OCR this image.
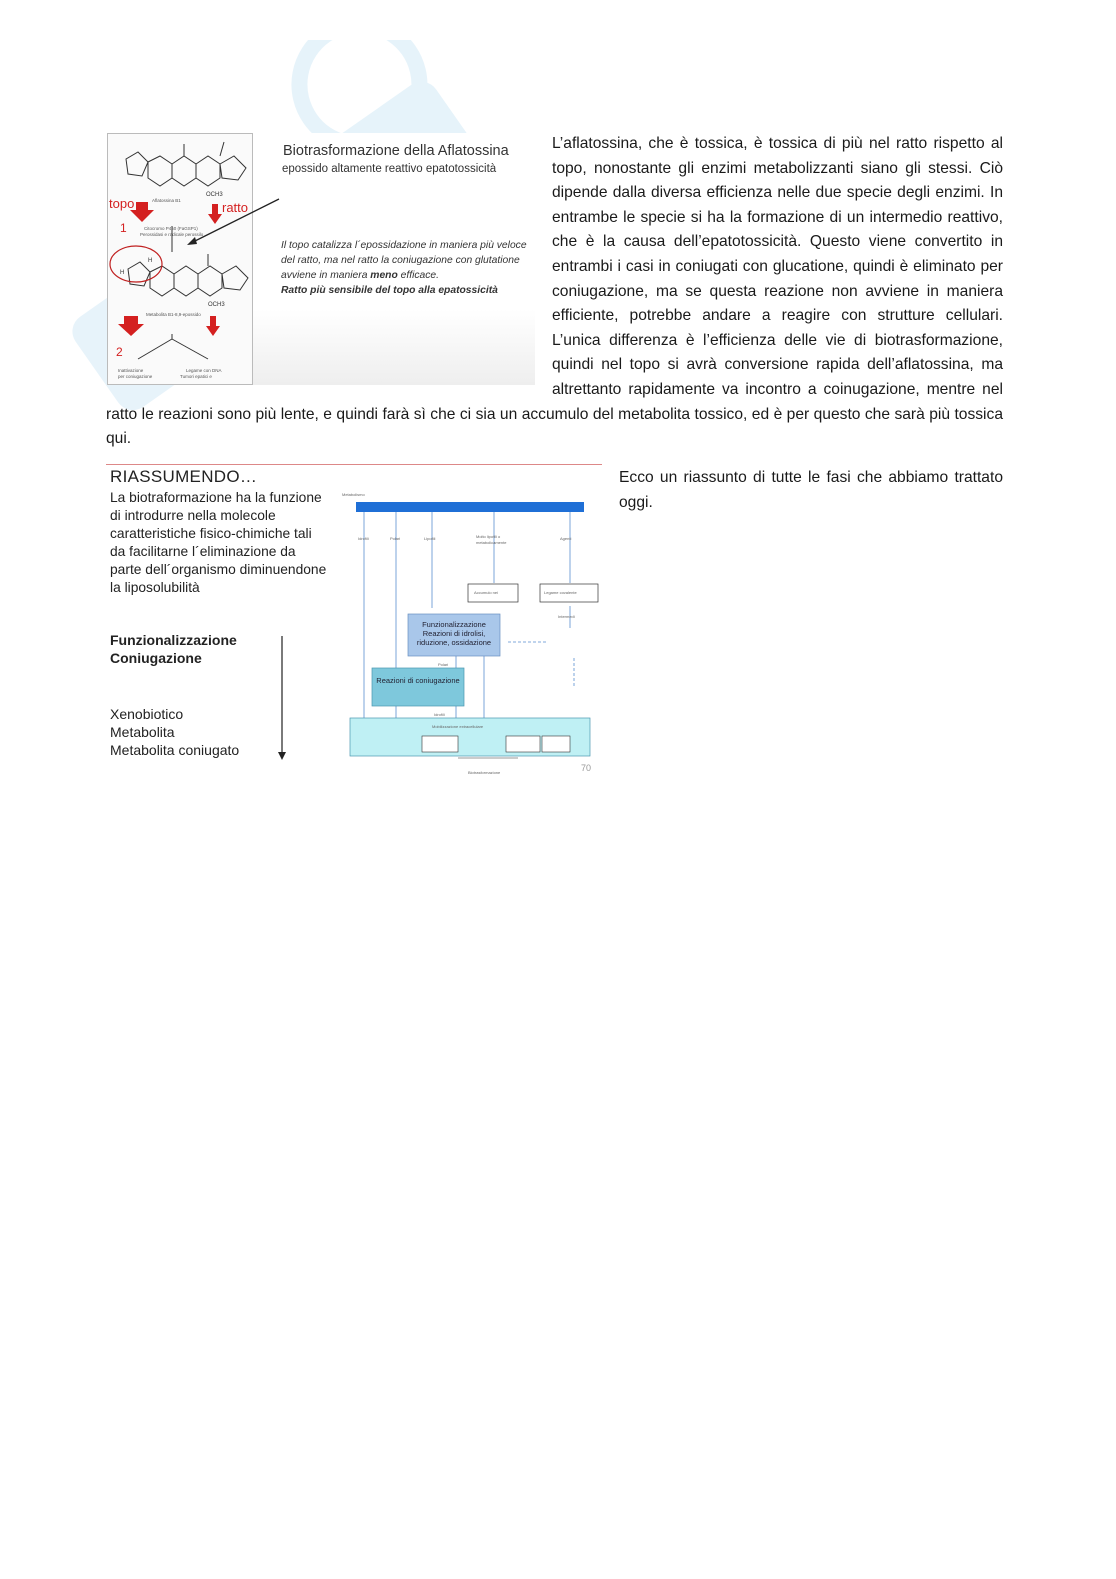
Aflatossina B1
Citocromo P450 (FaGSP1)
Perossidasi e radicale perossilo
Metabolita B1-8,9-epossido
Inattivazione
per coniugazione
Legame con DNA
Tumori epatici e
OCH3
OCH3
H
H
1
2
topo	ratto
Biotrasformazione della Aflatossina
epossido altamente reattivo epatotossicità
Il topo catalizza l´epossidazione in maniera più veloce del ratto, ma nel ratto la coniugazione con glutatione avviene in maniera meno efficace.
Ratto più sensibile del topo alla epatossicità

L’aflatossina, che è tossica, è tossica di più nel ratto rispetto al topo, nonostante gli enzimi metabolizzanti siano gli stessi. Ciò dipende dalla diversa efficienza nelle due specie degli enzimi. In entrambe le specie si ha la formazione di un intermedio reattivo, che è la causa dell’epatotossicità. Questo viene convertito in entrambi i casi in coniugati con glucatione, quindi è eliminato per coniugazione, ma se questa reazione non avviene in maniera efficiente, potrebbe andare a reagire con strutture cellulari. L’unica differenza è l’efficienza delle vie di biotrasformazione, quindi nel topo si avrà conversione rapida dell’aflatossina, ma altrettanto rapidamente va incontro a coinugazione, mentre nel ratto le reazioni sono più lente, e quindi farà sì che ci sia un accumulo del metabolita tossico, ed è per questo che sarà più tossica qui.

RIASSUMENDO…
La biotraformazione ha la funzione di introdurre nella molecole caratteristiche fisico-chimiche tali da facilitarne l´eliminazione da parte dell´organismo diminuendone la liposolubilità
Funzionalizzazione
Coniugazione
Xenobiotico
Metabolita
Metabolita coniugato
Metabolismo
Idrofili	Polari	Lipofili	Molto lipofili o
metabolicamente
Agenti
Accumulo nei	Legame covalente
Intermedi
Polari
Idrofili
Mobilizzazione extracellulare
Biotrasformazione
Funzionalizzazione Reazioni di idrolisi, riduzione, ossidazione
Reazioni di coniugazione
70

Ecco un riassunto di tutte le fasi che abbiamo trattato oggi.
